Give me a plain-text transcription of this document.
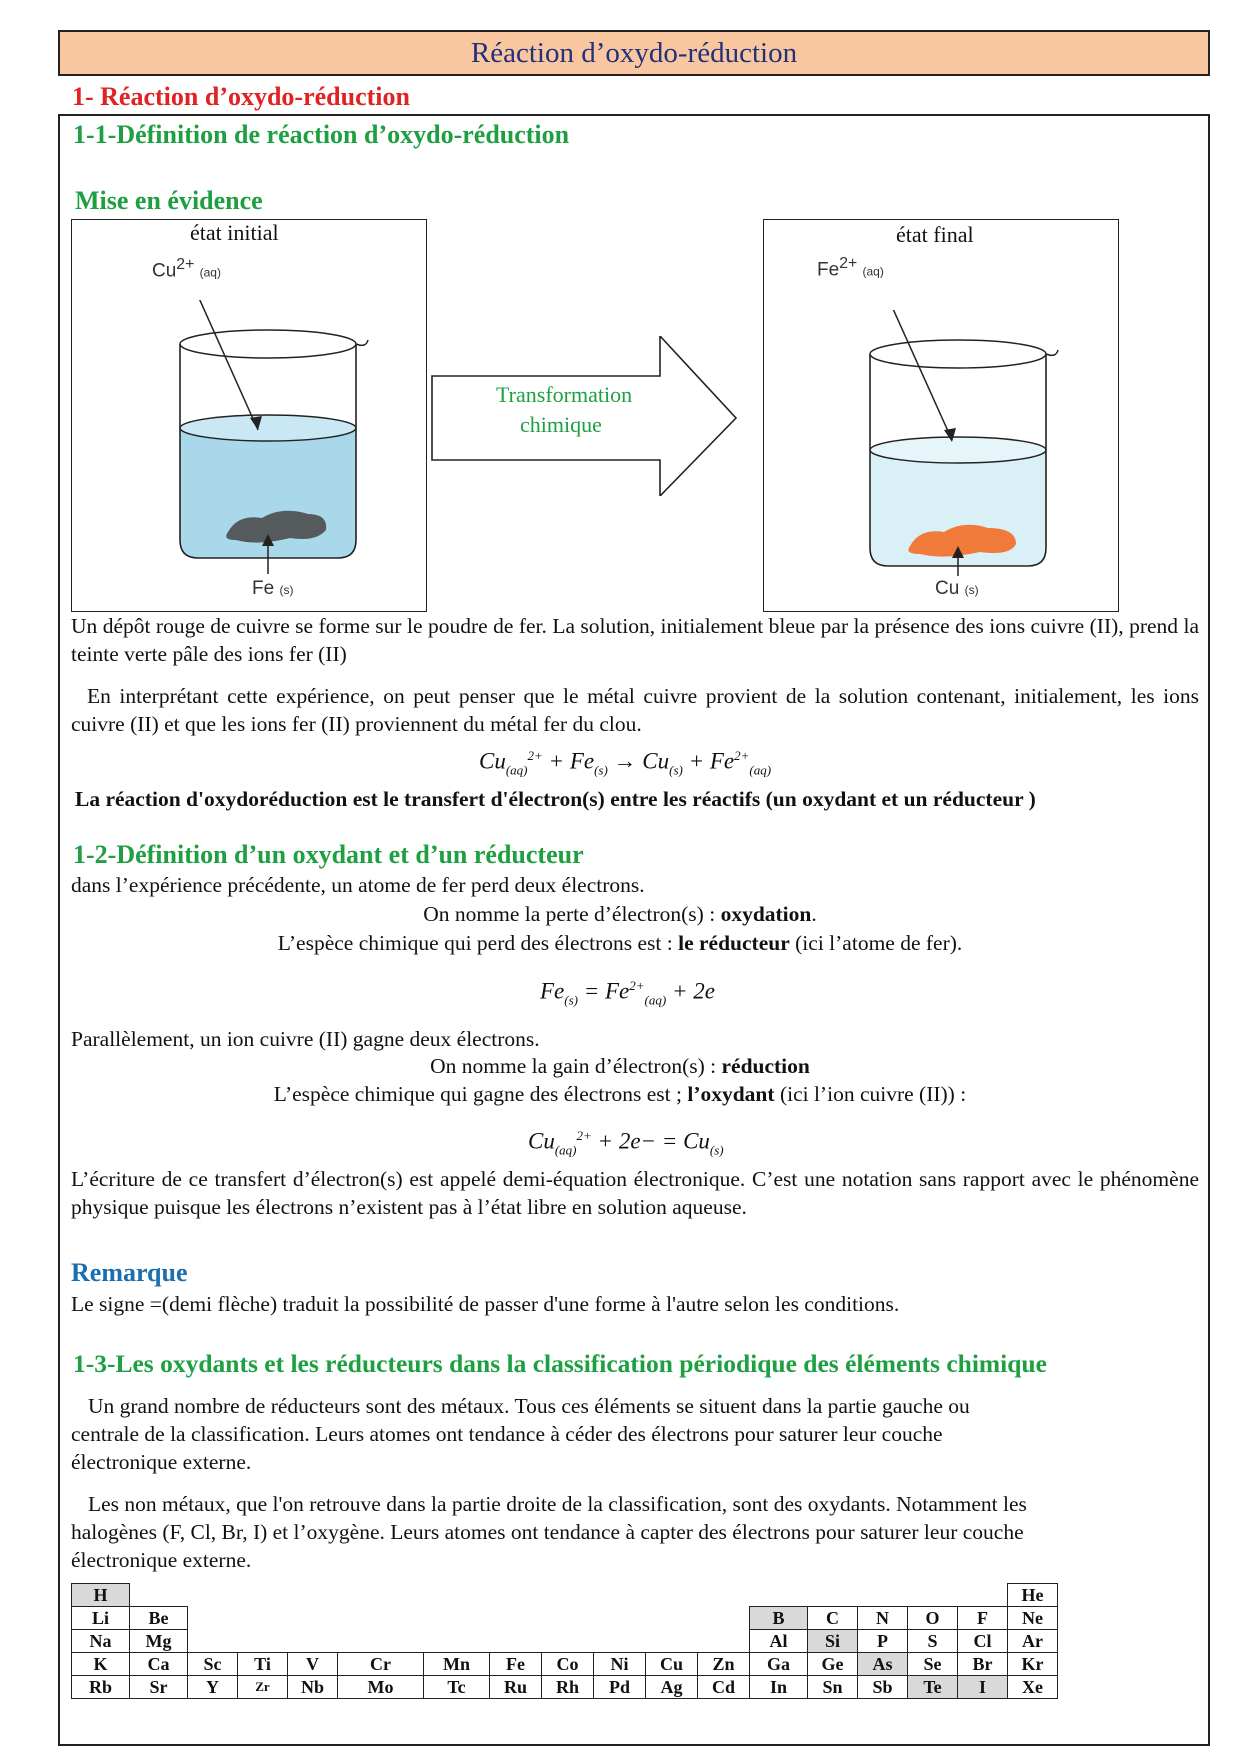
Réaction d’oxydo-réduction
1- Réaction d’oxydo-réduction
1-1-Définition de réaction d’oxydo-réduction
Mise en évidence
état initial
$Cu^{2+}$ (aq)
Fe (s)
Transformation
chimique
état final
$Fe^{2+}$ (aq)
Cu (s)
Un dépôt rouge de cuivre se forme sur le poudre de fer. La solution, initialement bleue par la présence des ions cuivre (II), prend la teinte verte pâle des ions fer (II)
En interprétant cette expérience, on peut penser que le métal cuivre provient de la solution contenant, initialement, les ions cuivre (II) et que les ions fer (II) proviennent du métal fer du clou.
$Cu_{(aq)}^{2+} + Fe_{(s)} \to Cu_{(s)} + Fe^{2+}_{(aq)}$
La réaction d'oxydoréduction est le transfert d'électron(s) entre les réactifs (un oxydant et un réducteur )
1-2-Définition d’un oxydant et d’un réducteur
dans l’expérience précédente, un atome de fer perd deux électrons.
On nomme la perte d’électron(s) : oxydation.
L’espèce chimique qui perd des électrons est : le réducteur (ici l’atome de fer).
$Fe_{(s)} = Fe^{2+}_{(aq)} + 2e$
Parallèlement, un ion cuivre (II) gagne deux électrons.
On nomme la gain d’électron(s) : réduction
L’espèce chimique qui gagne des électrons est ; l’oxydant (ici l’ion cuivre (II)) :
$Cu_{(aq)}^{2+} + 2e- = Cu_{(s)}$
L’écriture de ce transfert d’électron(s) est appelé demi-équation électronique. C’est une notation sans rapport avec le phénomène physique puisque les électrons n’existent pas à l’état libre en solution aqueuse.
Remarque
Le signe =(demi flèche) traduit la possibilité de passer d'une forme à l'autre selon les conditions.
1-3-Les oxydants et les réducteurs dans la classification périodique des éléments chimique
Un grand nombre de réducteurs sont des métaux. Tous ces éléments se situent dans la partie gauche ou
centrale de la classification. Leurs atomes ont tendance à céder des électrons pour saturer leur couche
électronique externe.
Les non métaux, que l'on retrouve dans la partie droite de la classification, sont des oxydants. Notamment les
halogènes (F, Cl, Br, I) et l’oxygène. Leurs atomes ont tendance à capter des électrons pour saturer leur couche
électronique externe.
H																	He
Li	Be											B	C	N	O	F	Ne
Na	Mg											Al	Si	P	S	Cl	Ar
K	Ca	Sc	Ti	V	Cr	Mn	Fe	Co	Ni	Cu	Zn	Ga	Ge	As	Se	Br	Kr
Rb	Sr	Y	Zr	Nb	Mo	Tc	Ru	Rh	Pd	Ag	Cd	In	Sn	Sb	Te	I	Xe
